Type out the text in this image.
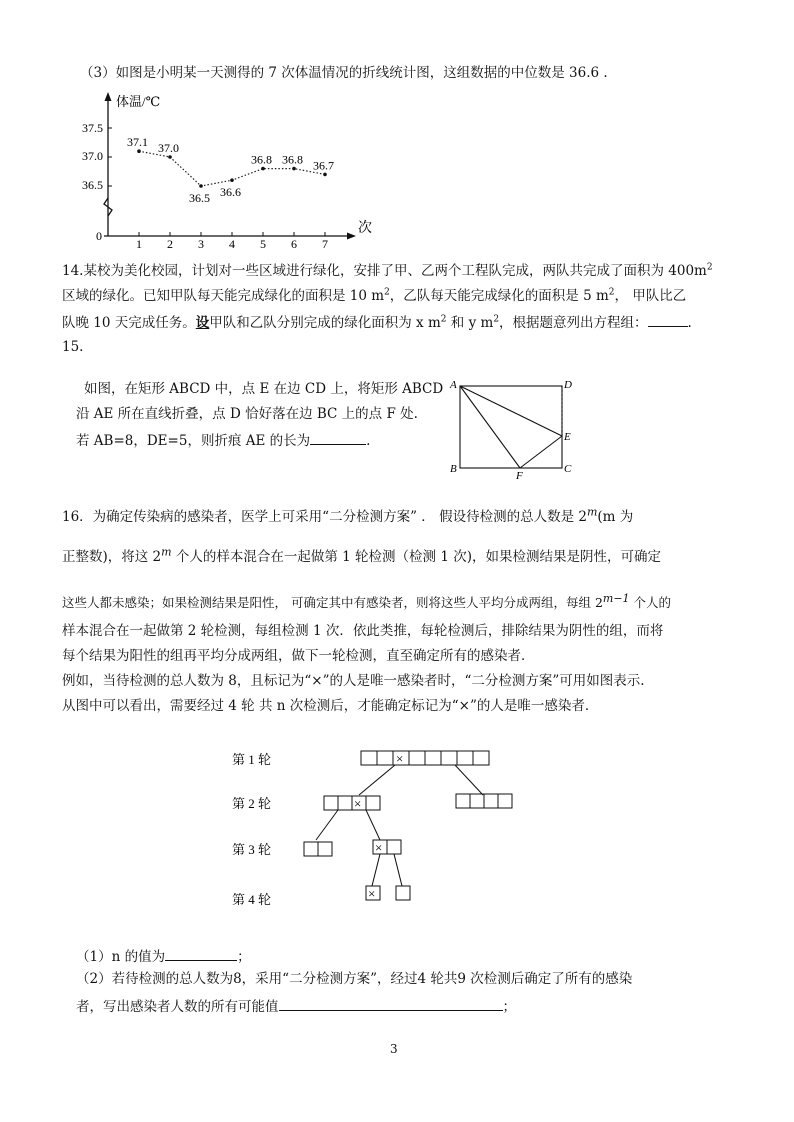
（3）如图是小明某一天测得的 7 次体温情况的折线统计图，这组数据的中位数是 36.6 .
体温/℃
次
0
37.5
37.0
36.5
1 2 3 4 5 6 7
37.1 37.0
36.5 36.6
36.8 36.8 36.7
14.某校为美化校园，计划对一些区域进行绿化，安排了甲、乙两个工程队完成，两队共完成了面积为 $400m^2$
区域的绿化。已知甲队每天能完成绿化的面积是 10 $m^2$，乙队每天能完成绿化的面积是 5 $m^2$， 甲队比乙
队晚 10 天完成任务。设甲队和乙队分别完成的绿化面积为 x $m^2$ 和 y $m^2$，根据题意列出方程组：	.
15.
如图，在矩形 ABCD 中，点 E 在边 CD 上，将矩形 ABCD
沿 AE 所在直线折叠，点 D 恰好落在边 BC 上的点 F 处.
若 AB=8，DE=5，则折痕 AE 的长为	.
A	D
E
B
F
C
16．为确定传染病的感染者，医学上可采用“二分检测方案” ． 假设待检测的总人数是 2$^m$(m 为
正整数)，将这 2$^m$ 个人的样本混合在一起做第 1 轮检测（检测 1 次)，如果检测结果是阴性，可确定
这些人都未感染；如果检测结果是阳性， 可确定其中有感染者，则将这些人平均分成两组，每组 $2^{m-1}$ 个人的
样本混合在一起做第 2 轮检测，每组检测 1 次．依此类推，每轮检测后，排除结果为阴性的组，而将
每个结果为阳性的组再平均分成两组，做下一轮检测，直至确定所有的感染者．
例如，当待检测的总人数为 8，且标记为“×”的人是唯一感染者时，“二分检测方案”可用如图表示.
从图中可以看出，需要经过 4 轮 共 n 次检测后，才能确定标记为“×”的人是唯一感染者．
第 1 轮
第 2 轮
第 3 轮
第 4 轮
×
×
×
×
（1）n 的值为	；
（2）若待检测的总人数为8，采用“二分检测方案”，经过4 轮共9 次检测后确定了所有的感染
者，写出感染者人数的所有可能值	；
3
